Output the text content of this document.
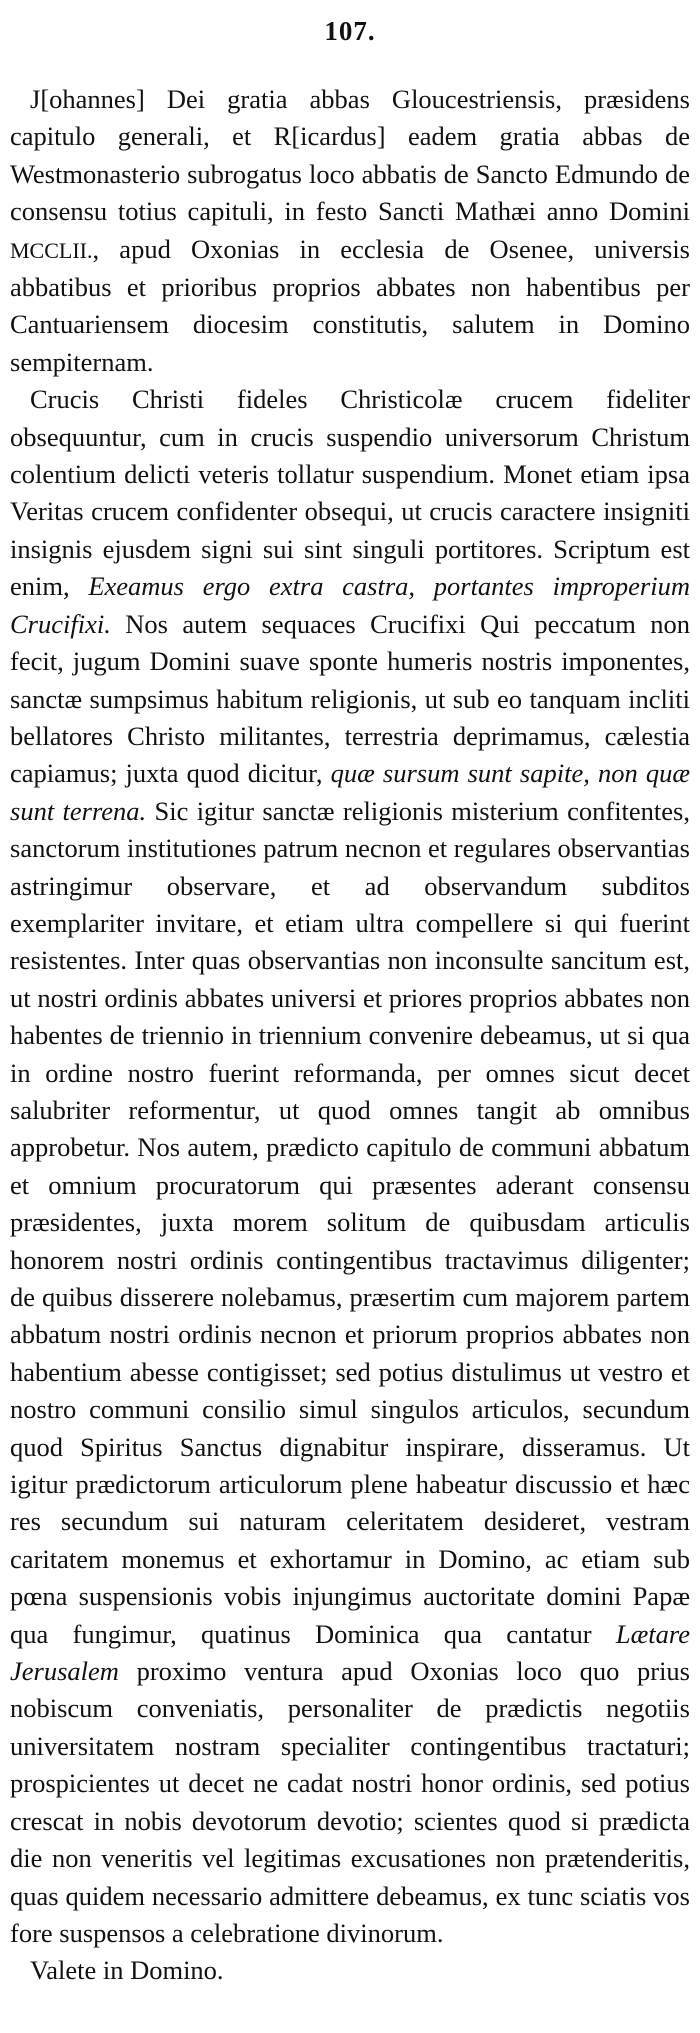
107.

J[ohannes] Dei gratia abbas Gloucestriensis, præsidens capitulo generali, et R[icardus] eadem gratia abbas de Westmonasterio subrogatus loco abbatis de Sancto Edmundo de consensu totius capituli, in festo Sancti Mathæi anno Domini MCCLII., apud Oxonias in ecclesia de Osenee, universis abbatibus et prioribus proprios abbates non habentibus per Cantuariensem diocesim constitutis, salutem in Domino sempiternam.

Crucis Christi fideles Christicolæ crucem fideliter obsequuntur, cum in crucis suspendio universorum Christum colentium delicti veteris tollatur suspendium. Monet etiam ipsa Veritas crucem confidenter obsequi, ut crucis caractere insigniti insignis ejusdem signi sui sint singuli portitores. Scriptum est enim, Exeamus ergo extra castra, portantes improperium Crucifixi. Nos autem sequaces Crucifixi Qui peccatum non fecit, jugum Domini suave sponte humeris nostris imponentes, sanctæ sumpsimus habitum religionis, ut sub eo tanquam incliti bellatores Christo militantes, terrestria deprimamus, cælestia capiamus; juxta quod dicitur, quæ sursum sunt sapite, non quæ sunt terrena. Sic igitur sanctæ religionis misterium confitentes, sanctorum institutiones patrum necnon et regulares observantias astringimur observare, et ad observandum subditos exemplariter invitare, et etiam ultra compellere si qui fuerint resistentes. Inter quas observantias non inconsulte sancitum est, ut nostri ordinis abbates universi et priores proprios abbates non habentes de triennio in triennium convenire debeamus, ut si qua in ordine nostro fuerint reformanda, per omnes sicut decet salubriter reformentur, ut quod omnes tangit ab omnibus approbetur. Nos autem, prædicto capitulo de communi abbatum et omnium procuratorum qui præsentes aderant consensu præsidentes, juxta morem solitum de quibusdam articulis honorem nostri ordinis contingentibus tractavimus diligenter; de quibus disserere nolebamus, præsertim cum majorem partem abbatum nostri ordinis necnon et priorum proprios abbates non habentium abesse contigisset; sed potius distulimus ut vestro et nostro communi consilio simul singulos articulos, secundum quod Spiritus Sanctus dignabitur inspirare, disseramus. Ut igitur prædictorum articulorum plene habeatur discussio et hæc res secundum sui naturam celeritatem desideret, vestram caritatem monemus et exhortamur in Domino, ac etiam sub pœna suspensionis vobis injungimus auctoritate domini Papæ qua fungimur, quatinus Dominica qua cantatur Lætare Jerusalem proximo ventura apud Oxonias loco quo prius nobiscum conveniatis, personaliter de prædictis negotiis universitatem nostram specialiter contingentibus tractaturi; prospicientes ut decet ne cadat nostri honor ordinis, sed potius crescat in nobis devotorum devotio; scientes quod si prædicta die non veneritis vel legitimas excusationes non prætenderitis, quas quidem necessario admittere debeamus, ex tunc sciatis vos fore suspensos a celebratione divinorum.

Valete in Domino.
